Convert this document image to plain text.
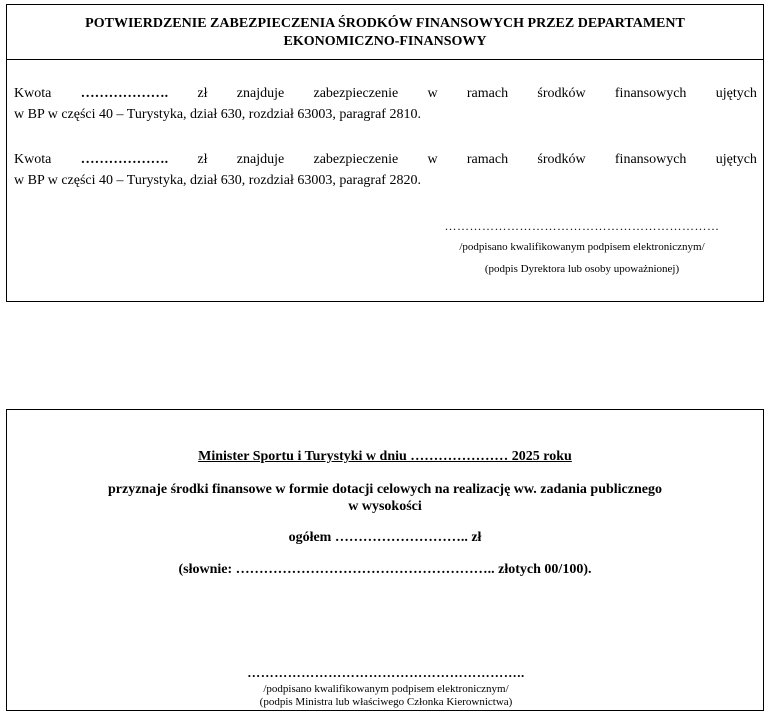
POTWIERDZENIE ZABEZPIECZENIA ŚRODKÓW FINANSOWYCH PRZEZ DEPARTAMENT
EKONOMICZNO-FINANSOWY
Kwota ………………. zł znajduje zabezpieczenie w ramach środków finansowych ujętych
w BP w części 40 – Turystyka, dział 630, rozdział 63003, paragraf 2810.
Kwota ………………. zł znajduje zabezpieczenie w ramach środków finansowych ujętych
w BP w części 40 – Turystyka, dział 630, rozdział 63003, paragraf 2820.
…………………………………………………………
/podpisano kwalifikowanym podpisem elektronicznym/
(podpis Dyrektora lub osoby upoważnionej)
Minister Sportu i Turystyki w dniu ………………… 2025 roku
przyznaje środki finansowe w formie dotacji celowych na realizację ww. zadania publicznego
w wysokości
ogółem ……………………….. zł
(słownie: ……………………………………………….. złotych 00/100).
……………………………………………………..
/podpisano kwalifikowanym podpisem elektronicznym/
(podpis Ministra lub właściwego Członka Kierownictwa)
